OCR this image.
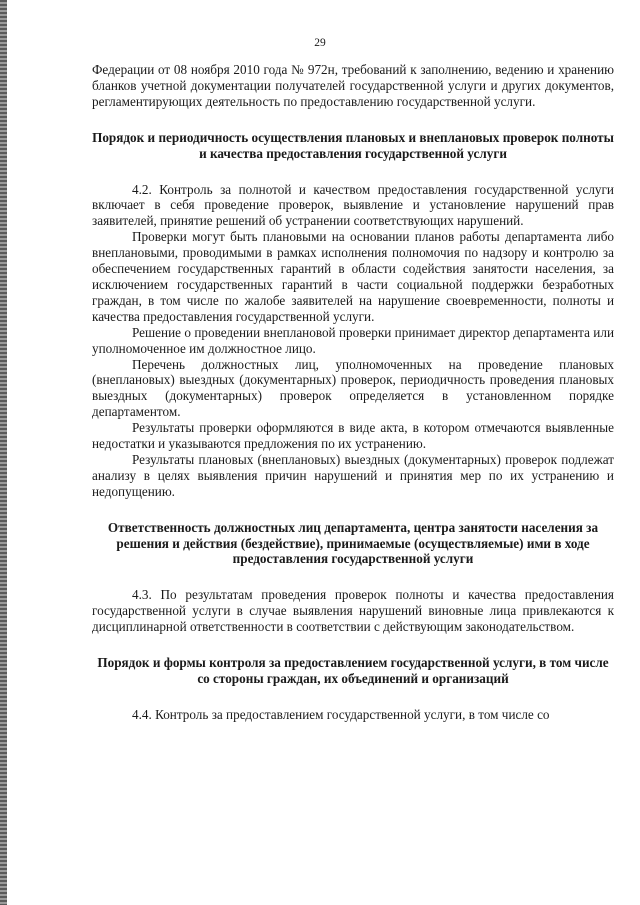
29

Федерации от 08 ноября 2010 года № 972н, требований к заполнению, ведению и хранению бланков учетной документации получателей государственной услуги и других документов, регламентирующих деятельность по предоставлению государственной услуги.

Порядок и периодичность осуществления плановых и внеплановых проверок полноты и качества предоставления государственной услуги

4.2. Контроль за полнотой и качеством предоставления государственной услуги включает в себя проведение проверок, выявление и установление нарушений прав заявителей, принятие решений об устранении соответствующих нарушений.

Проверки могут быть плановыми на основании планов работы департамента либо внеплановыми, проводимыми в рамках исполнения полномочия по надзору и контролю за обеспечением государственных гарантий в области содействия занятости населения, за исключением государственных гарантий в части социальной поддержки безработных граждан, в том числе по жалобе заявителей на нарушение своевременности, полноты и качества предоставления государственной услуги.

Решение о проведении внеплановой проверки принимает директор департамента или уполномоченное им должностное лицо.

Перечень должностных лиц, уполномоченных на проведение плановых (внеплановых) выездных (документарных) проверок, периодичность проведения плановых выездных (документарных) проверок определяется в установленном порядке департаментом.

Результаты проверки оформляются в виде акта, в котором отмечаются выявленные недостатки и указываются предложения по их устранению.

Результаты плановых (внеплановых) выездных (документарных) проверок подлежат анализу в целях выявления причин нарушений и принятия мер по их устранению и недопущению.

Ответственность должностных лиц департамента, центра занятости населения за решения и действия (бездействие), принимаемые (осуществляемые) ими в ходе предоставления государственной услуги

4.3. По результатам проведения проверок полноты и качества предоставления государственной услуги в случае выявления нарушений виновные лица привлекаются к дисциплинарной ответственности в соответствии с действующим законодательством.

Порядок и формы контроля за предоставлением государственной услуги, в том числе со стороны граждан, их объединений и организаций

4.4. Контроль за предоставлением государственной услуги, в том числе со
